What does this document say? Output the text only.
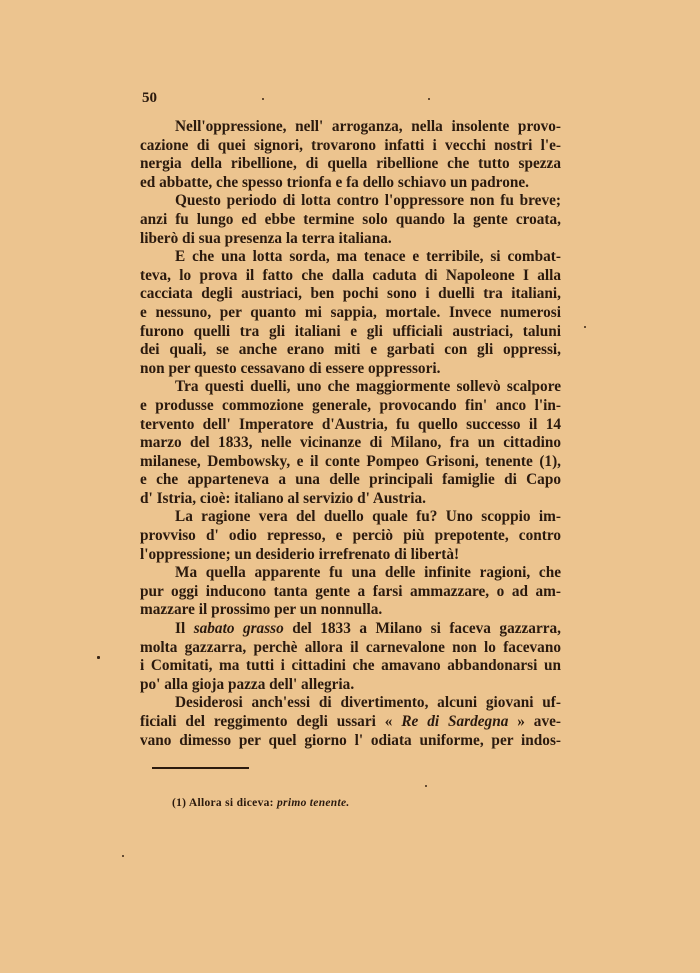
50
Nell'oppressione, nell' arroganza, nella insolente provo-
cazione di quei signori, trovarono infatti i vecchi nostri l'e-
nergia della ribellione, di quella ribellione che tutto spezza
ed abbatte, che spesso trionfa e fa dello schiavo un padrone.
Questo periodo di lotta contro l'oppressore non fu breve;
anzi fu lungo ed ebbe termine solo quando la gente croata,
liberò di sua presenza la terra italiana.
E che una lotta sorda, ma tenace e terribile, si combat-
teva, lo prova il fatto che dalla caduta di Napoleone I alla
cacciata degli austriaci, ben pochi sono i duelli tra italiani,
e nessuno, per quanto mi sappia, mortale. Invece numerosi
furono quelli tra gli italiani e gli ufficiali austriaci, taluni
dei quali, se anche erano miti e garbati con gli oppressi,
non per questo cessavano di essere oppressori.
Tra questi duelli, uno che maggiormente sollevò scalpore
e produsse commozione generale, provocando fin' anco l'in-
tervento dell' Imperatore d'Austria, fu quello successo il 14
marzo del 1833, nelle vicinanze di Milano, fra un cittadino
milanese, Dembowsky, e il conte Pompeo Grisoni, tenente (1),
e che apparteneva a una delle principali famiglie di Capo
d' Istria, cioè: italiano al servizio d' Austria.
La ragione vera del duello quale fu? Uno scoppio im-
provviso d' odio represso, e perciò più prepotente, contro
l'oppressione; un desiderio irrefrenato di libertà!
Ma quella apparente fu una delle infinite ragioni, che
pur oggi inducono tanta gente a farsi ammazzare, o ad am-
mazzare il prossimo per un nonnulla.
Il sabato grasso del 1833 a Milano si faceva gazzarra,
molta gazzarra, perchè allora il carnevalone non lo facevano
i Comitati, ma tutti i cittadini che amavano abbandonarsi un
po' alla gioja pazza dell' allegria.
Desiderosi anch'essi di divertimento, alcuni giovani uf-
ficiali del reggimento degli ussari « Re di Sardegna » ave-
vano dimesso per quel giorno l' odiata uniforme, per indos-
(1) Allora si diceva: primo tenente.
